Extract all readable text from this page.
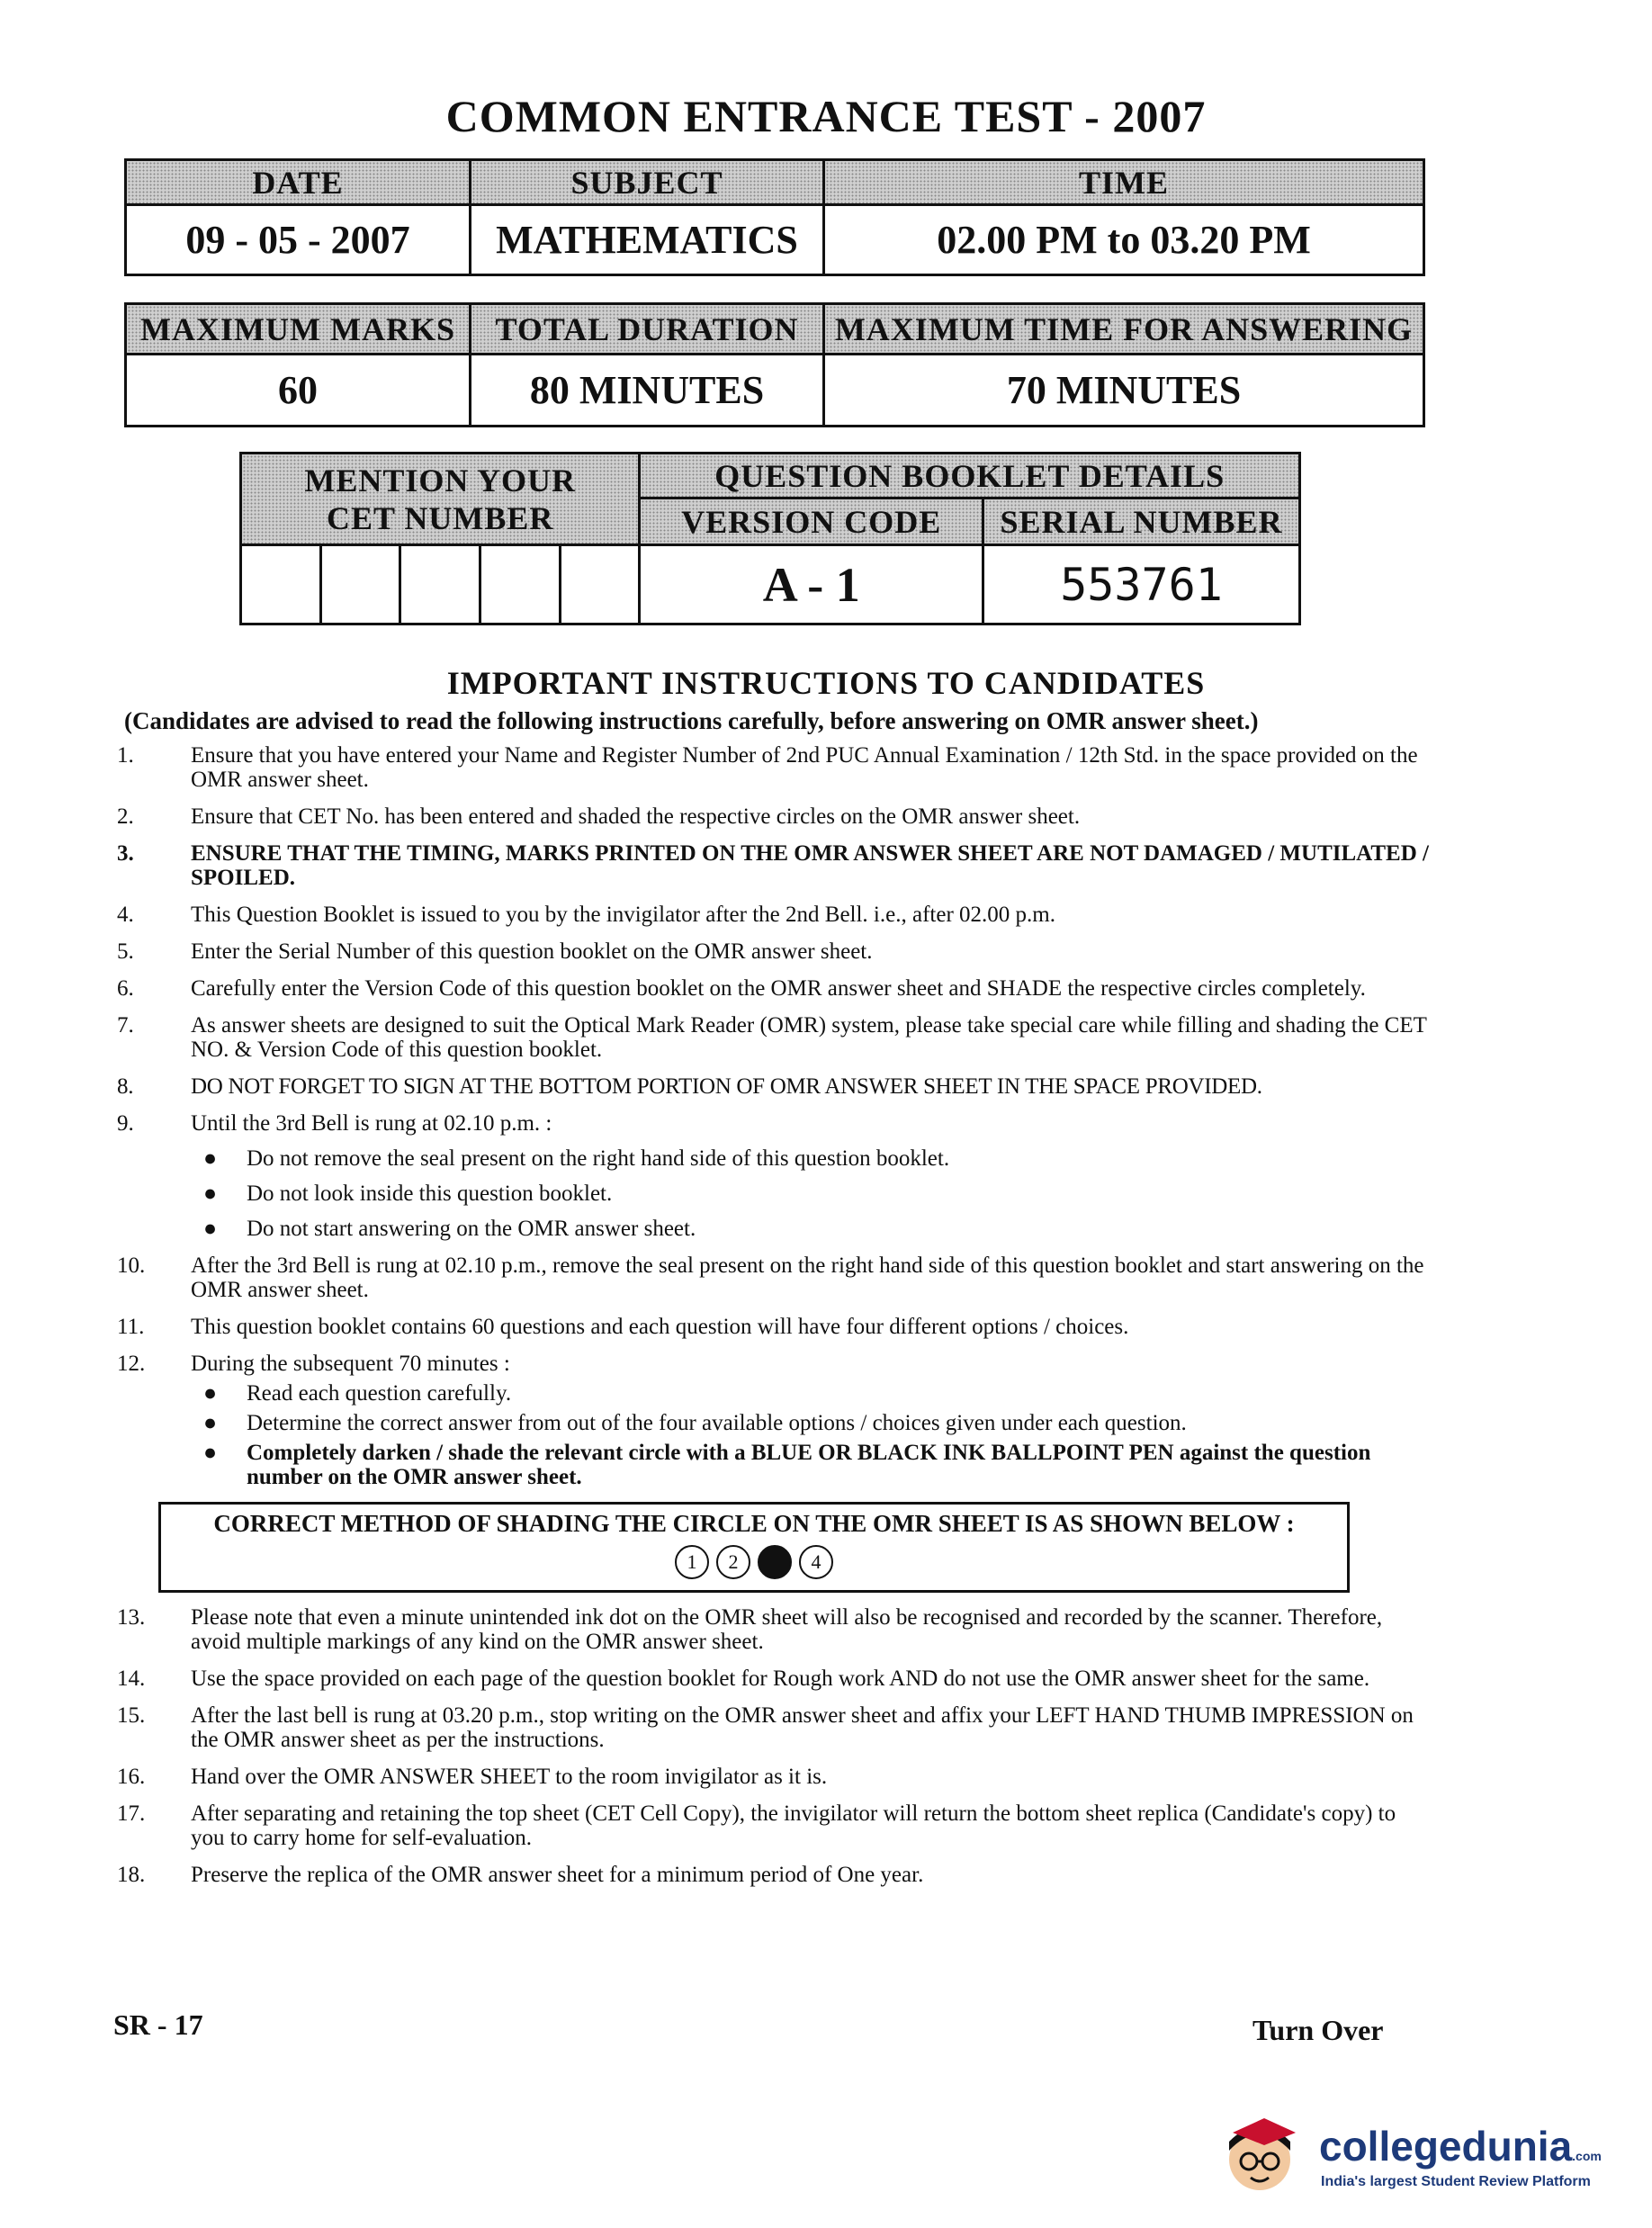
COMMON ENTRANCE TEST - 2007
DATE	SUBJECT	TIME
09 - 05 - 2007	MATHEMATICS	02.00 PM to 03.20 PM
MAXIMUM MARKS	TOTAL DURATION	MAXIMUM TIME FOR ANSWERING
60	80 MINUTES	70 MINUTES
MENTION YOUR
CET NUMBER					QUESTION BOOKLET DETAILS	
					VERSION CODE	SERIAL NUMBER
					A - 1	553761
IMPORTANT INSTRUCTIONS TO CANDIDATES
(Candidates are advised to read the following instructions carefully, before answering on OMR answer sheet.)
1.	Ensure that you have entered your Name and Register Number of 2nd PUC Annual Examination / 12th Std. in the space provided on the OMR answer sheet.
2.	Ensure that CET No. has been entered and shaded the respective circles on the OMR answer sheet.
3.	ENSURE THAT THE TIMING, MARKS PRINTED ON THE OMR ANSWER SHEET ARE NOT DAMAGED / MUTILATED / SPOILED.
4.	This Question Booklet is issued to you by the invigilator after the 2nd Bell. i.e., after 02.00 p.m.
5.	Enter the Serial Number of this question booklet on the OMR answer sheet.
6.	Carefully enter the Version Code of this question booklet on the OMR answer sheet and SHADE the respective circles completely.
7.	As answer sheets are designed to suit the Optical Mark Reader (OMR) system, please take special care while filling and shading the CET NO. & Version Code of this question booklet.
8.	DO NOT FORGET TO SIGN AT THE BOTTOM PORTION OF OMR ANSWER SHEET IN THE SPACE PROVIDED.
9.	Until the 3rd Bell is rung at 02.10 p.m. :
● Do not remove the seal present on the right hand side of this question booklet.
● Do not look inside this question booklet.
● Do not start answering on the OMR answer sheet.
10.	After the 3rd Bell is rung at 02.10 p.m., remove the seal present on the right hand side of this question booklet and start answering on the OMR answer sheet.
11.	This question booklet contains 60 questions and each question will have four different options / choices.
12.	During the subsequent 70 minutes :
● Read each question carefully.
● Determine the correct answer from out of the four available options / choices given under each question.
● Completely darken / shade the relevant circle with a BLUE OR BLACK INK BALLPOINT PEN against the question number on the OMR answer sheet.
CORRECT METHOD OF SHADING THE CIRCLE ON THE OMR SHEET IS AS SHOWN BELOW :
1	2	4
13.	Please note that even a minute unintended ink dot on the OMR sheet will also be recognised and recorded by the scanner. Therefore, avoid multiple markings of any kind on the OMR answer sheet.
14.	Use the space provided on each page of the question booklet for Rough work AND do not use the OMR answer sheet for the same.
15.	After the last bell is rung at 03.20 p.m., stop writing on the OMR answer sheet and affix your LEFT HAND THUMB IMPRESSION on the OMR answer sheet as per the instructions.
16.	Hand over the OMR ANSWER SHEET to the room invigilator as it is.
17.	After separating and retaining the top sheet (CET Cell Copy), the invigilator will return the bottom sheet replica (Candidate's copy) to you to carry home for self-evaluation.
18.	Preserve the replica of the OMR answer sheet for a minimum period of One year.
SR - 17	Turn Over
collegedunia.com
India's largest Student Review Platform
